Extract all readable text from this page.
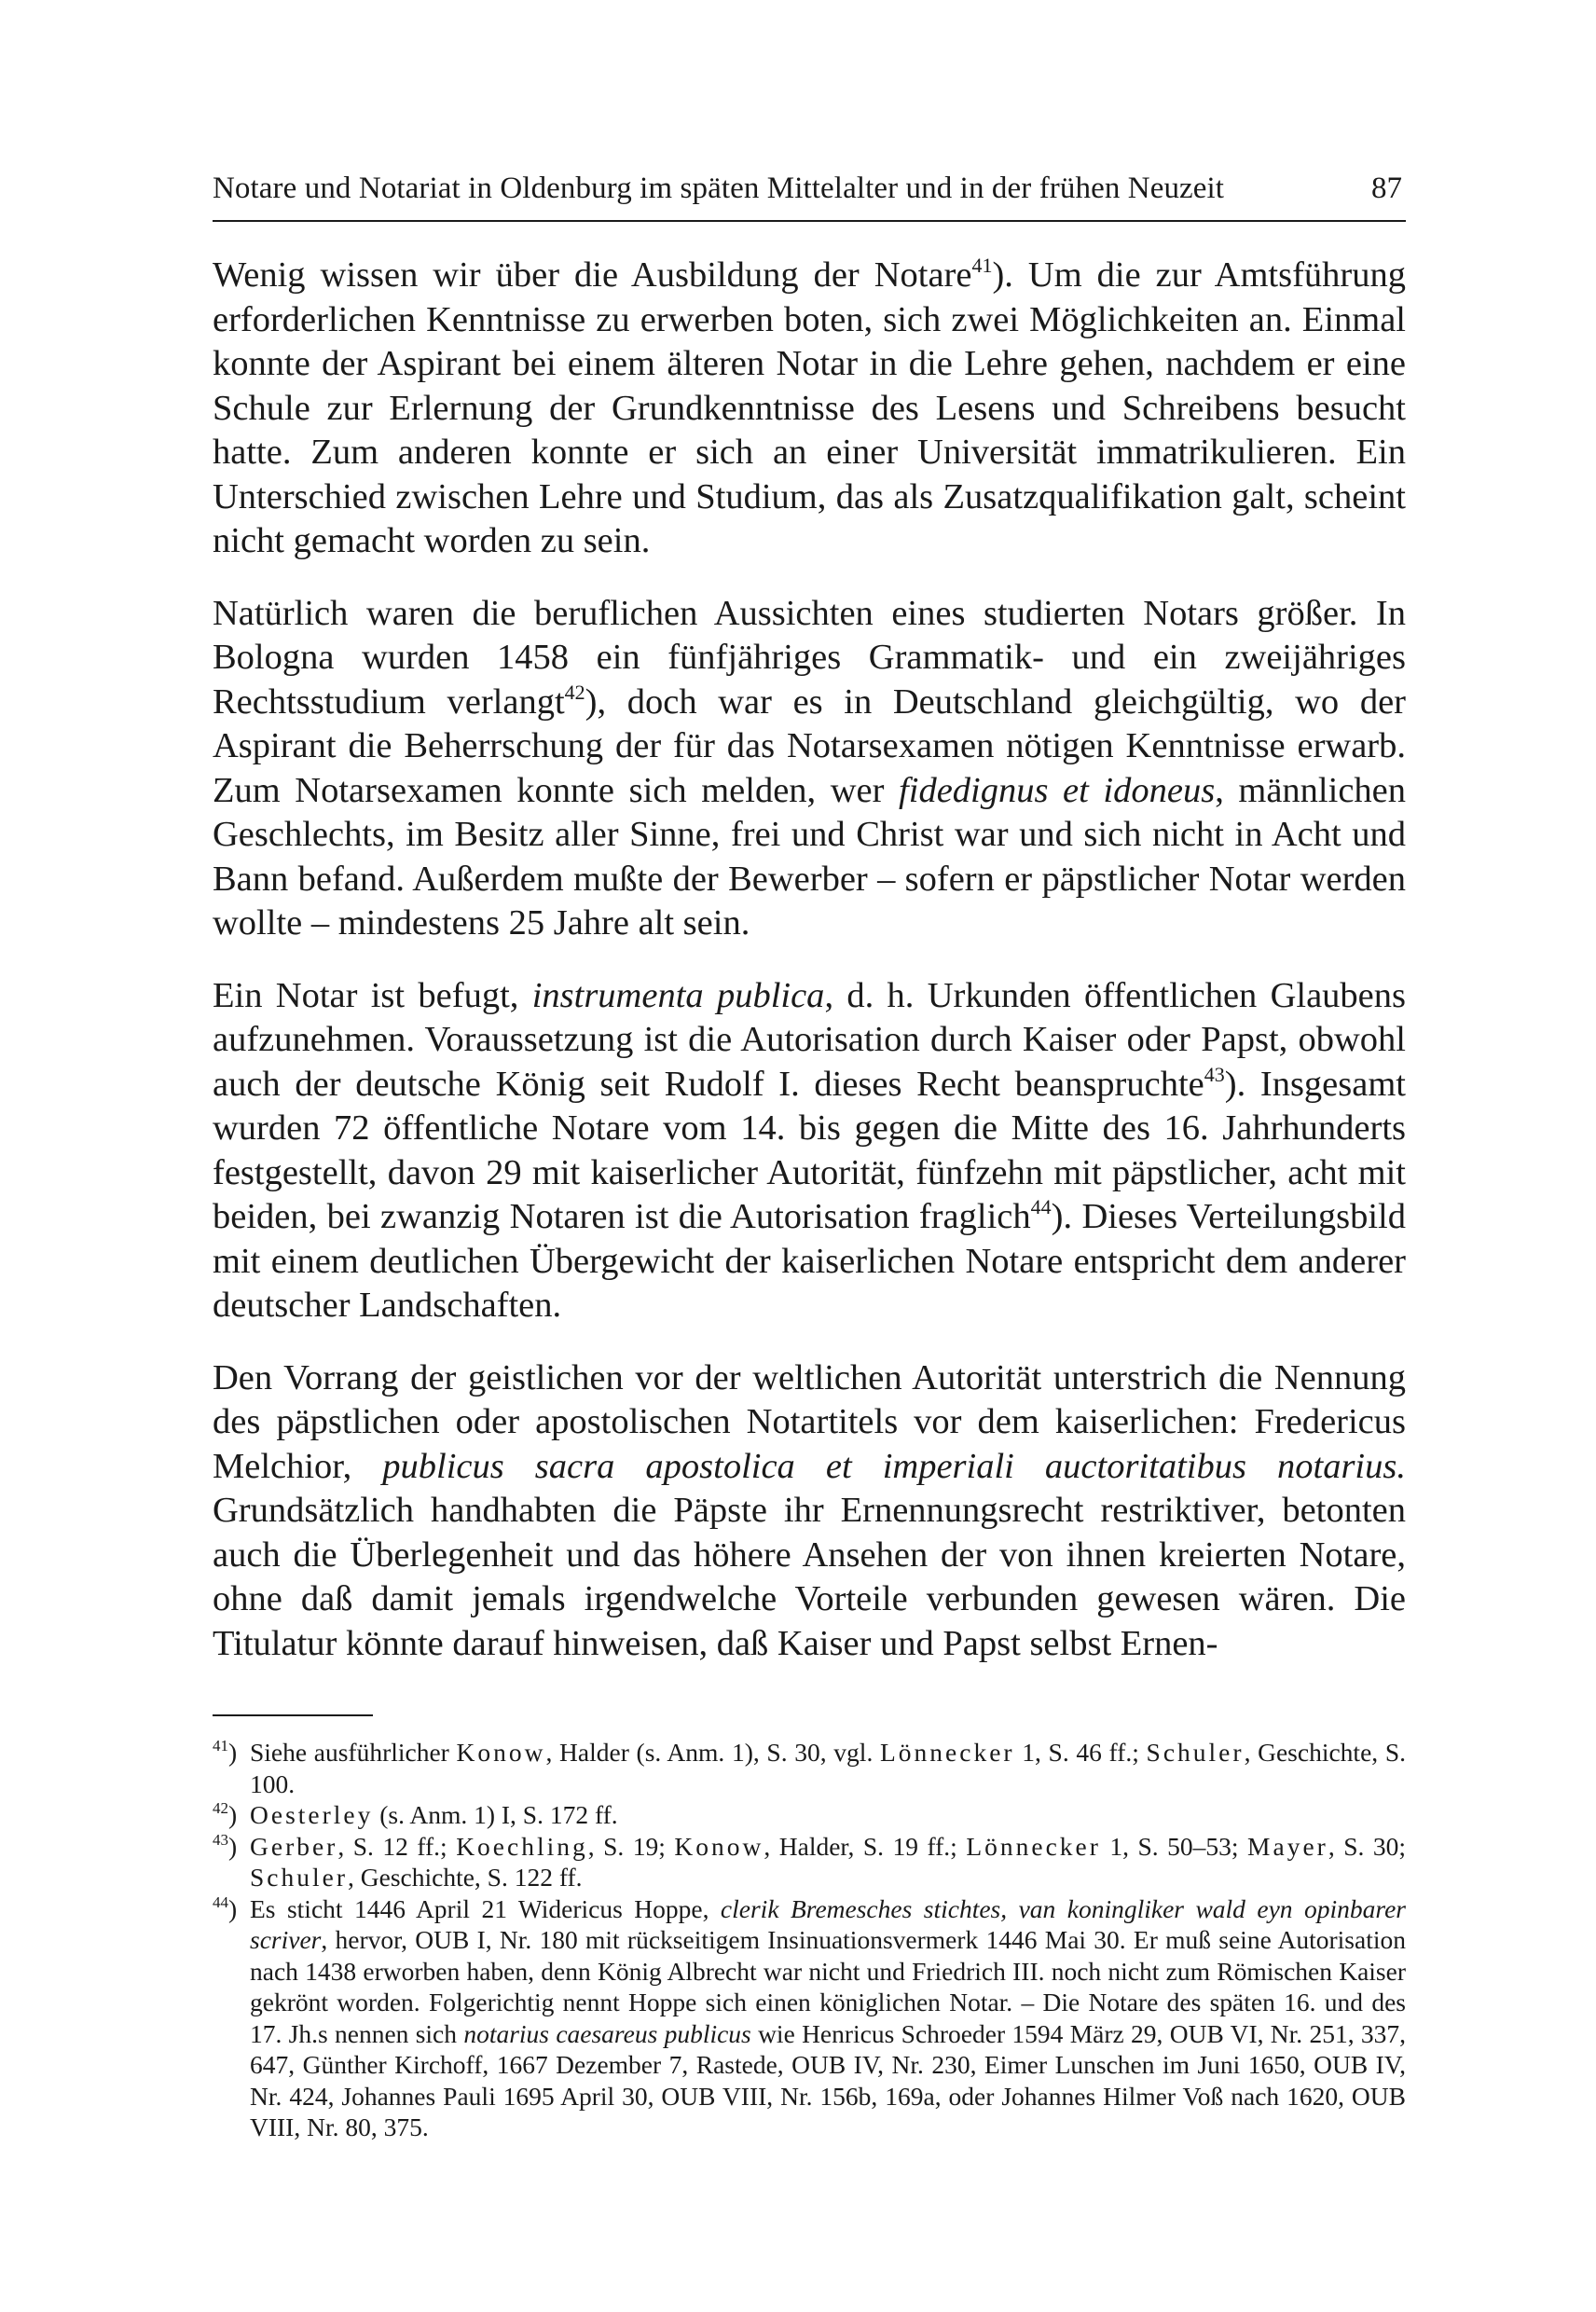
Notare und Notariat in Oldenburg im späten Mittelalter und in der frühen Neuzeit	87

Wenig wissen wir über die Ausbildung der Notare$^{41}$). Um die zur Amtsführung erforderlichen Kenntnisse zu erwerben boten, sich zwei Möglichkeiten an. Einmal konnte der Aspirant bei einem älteren Notar in die Lehre gehen, nachdem er eine Schule zur Erlernung der Grundkenntnisse des Lesens und Schreibens besucht hatte. Zum anderen konnte er sich an einer Universität immatrikulieren. Ein Unterschied zwischen Lehre und Studium, das als Zusatzqualifikation galt, scheint nicht gemacht worden zu sein.

Natürlich waren die beruflichen Aussichten eines studierten Notars größer. In Bologna wurden 1458 ein fünfjähriges Grammatik- und ein zweijähriges Rechtsstudium verlangt$^{42}$), doch war es in Deutschland gleichgültig, wo der Aspirant die Beherrschung der für das Notarsexamen nötigen Kenntnisse erwarb. Zum Notarsexamen konnte sich melden, wer fidedignus et idoneus, männlichen Geschlechts, im Besitz aller Sinne, frei und Christ war und sich nicht in Acht und Bann befand. Außerdem mußte der Bewerber – sofern er päpstlicher Notar werden wollte – mindestens 25 Jahre alt sein.

Ein Notar ist befugt, instrumenta publica, d. h. Urkunden öffentlichen Glaubens aufzunehmen. Voraussetzung ist die Autorisation durch Kaiser oder Papst, obwohl auch der deutsche König seit Rudolf I. dieses Recht beanspruchte$^{43}$). Insgesamt wurden 72 öffentliche Notare vom 14. bis gegen die Mitte des 16. Jahrhunderts festgestellt, davon 29 mit kaiserlicher Autorität, fünfzehn mit päpstlicher, acht mit beiden, bei zwanzig Notaren ist die Autorisation fraglich$^{44}$). Dieses Verteilungsbild mit einem deutlichen Übergewicht der kaiserlichen Notare entspricht dem anderer deutscher Landschaften.

Den Vorrang der geistlichen vor der weltlichen Autorität unterstrich die Nennung des päpstlichen oder apostolischen Notartitels vor dem kaiserlichen: Fredericus Melchior, publicus sacra apostolica et imperiali auctoritatibus notarius. Grundsätzlich handhabten die Päpste ihr Ernennungsrecht restriktiver, betonten auch die Überlegenheit und das höhere Ansehen der von ihnen kreierten Notare, ohne daß damit jemals irgendwelche Vorteile verbunden gewesen wären. Die Titulatur könnte darauf hinweisen, daß Kaiser und Papst selbst Ernen-

$^{41}$) Siehe ausführlicher Konow, Halder (s. Anm. 1), S. 30, vgl. Lönnecker 1, S. 46 ff.; Schuler, Geschichte, S. 100.
$^{42}$) Oesterley (s. Anm. 1) I, S. 172 ff.
$^{43}$) Gerber, S. 12 ff.; Koechling, S. 19; Konow, Halder, S. 19 ff.; Lönnecker 1, S. 50–53; Mayer, S. 30; Schuler, Geschichte, S. 122 ff.
$^{44}$) Es sticht 1446 April 21 Widericus Hoppe, clerik Bremesches stichtes, van koningliker wald eyn opinbarer scriver, hervor, OUB I, Nr. 180 mit rückseitigem Insinuationsvermerk 1446 Mai 30. Er muß seine Autorisation nach 1438 erworben haben, denn König Albrecht war nicht und Friedrich III. noch nicht zum Römischen Kaiser gekrönt worden. Folgerichtig nennt Hoppe sich einen königlichen Notar. – Die Notare des späten 16. und des 17. Jh.s nennen sich notarius caesareus publicus wie Henricus Schroeder 1594 März 29, OUB VI, Nr. 251, 337, 647, Günther Kirchoff, 1667 Dezember 7, Rastede, OUB IV, Nr. 230, Eimer Lunschen im Juni 1650, OUB IV, Nr. 424, Johannes Pauli 1695 April 30, OUB VIII, Nr. 156b, 169a, oder Johannes Hilmer Voß nach 1620, OUB VIII, Nr. 80, 375.
